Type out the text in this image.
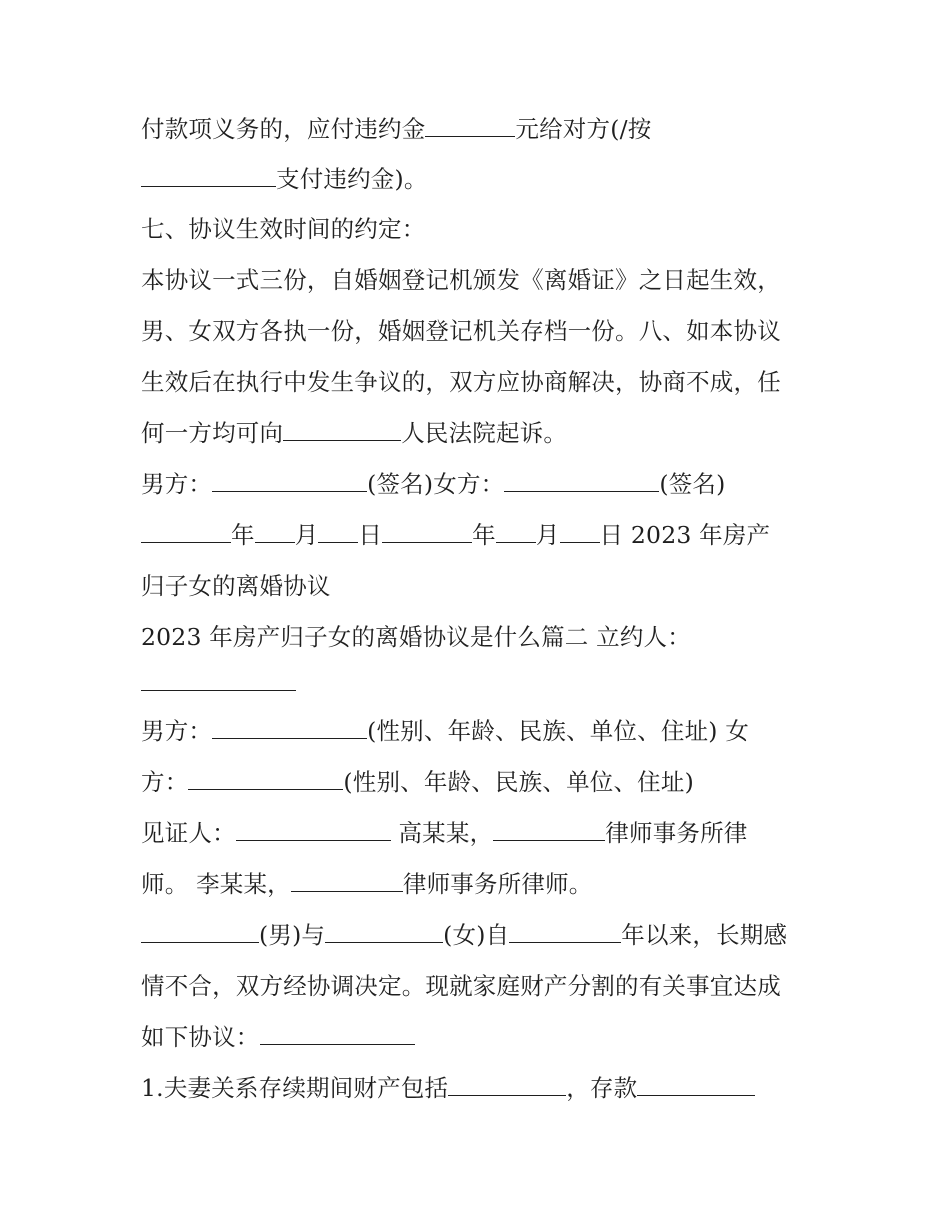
付款项义务的，应付违约金	元给对方(/按
支付违约金)。
七、协议生效时间的约定：
本协议一式三份，自婚姻登记机颁发《离婚证》之日起生效，
男、女双方各执一份，婚姻登记机关存档一份。八、如本协议
生效后在执行中发生争议的，双方应协商解决，协商不成，任
何一方均可向	人民法院起诉。
男方：	(签名)女方：	(签名)
年 月 日	年 月 日 2023 年房产
归子女的离婚协议
2023 年房产归子女的离婚协议是什么篇二 立约人：
男方：	(性别、年龄、民族、单位、住址) 女
方：	(性别、年龄、民族、单位、住址)
见证人：	高某某，	律师事务所律
师。 李某某，	律师事务所律师。
(男)与	(女)自	年以来，长期感
情不合，双方经协调决定。现就家庭财产分割的有关事宜达成
如下协议：
1.夫妻关系存续期间财产包括	，存款
